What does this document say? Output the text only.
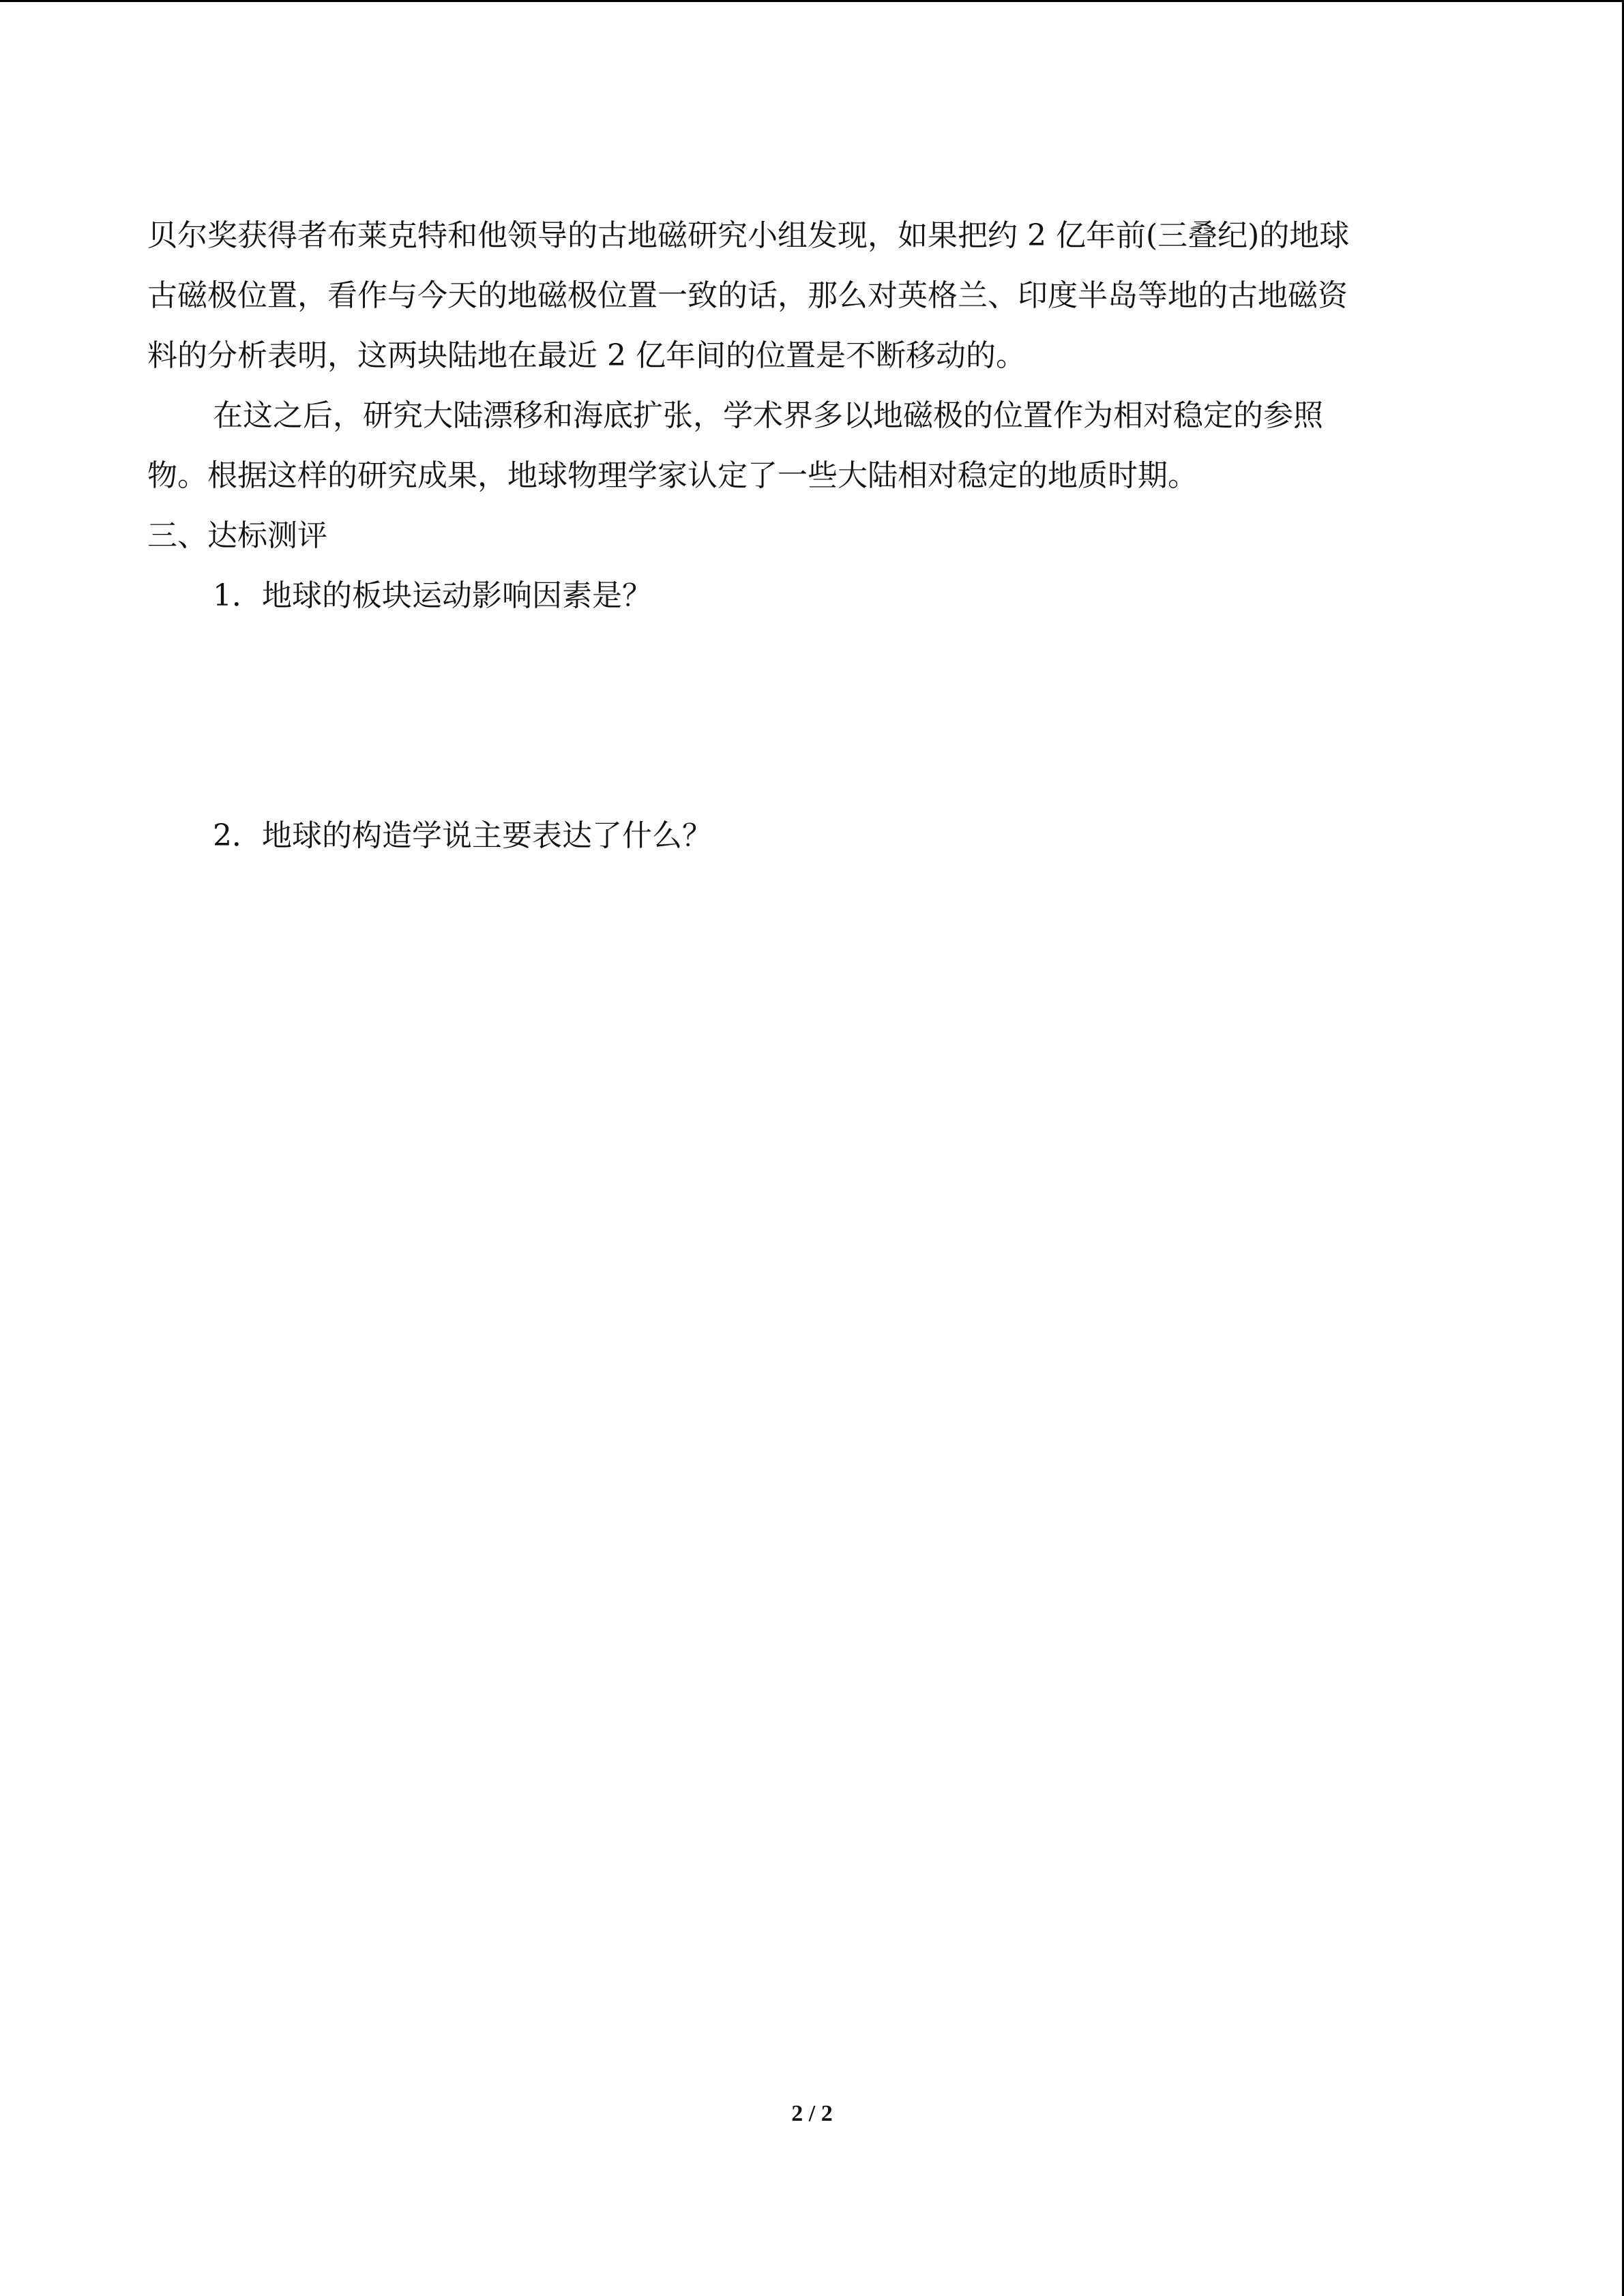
贝尔奖获得者布莱克特和他领导的古地磁研究小组发现，如果把约 2 亿年前(三叠纪)的地球
古磁极位置，看作与今天的地磁极位置一致的话，那么对英格兰、印度半岛等地的古地磁资
料的分析表明，这两块陆地在最近 2 亿年间的位置是不断移动的。

在这之后，研究大陆漂移和海底扩张，学术界多以地磁极的位置作为相对稳定的参照
物。根据这样的研究成果，地球物理学家认定了一些大陆相对稳定的地质时期。

三、达标测评

1．地球的板块运动影响因素是？

2．地球的构造学说主要表达了什么？

2 / 2
